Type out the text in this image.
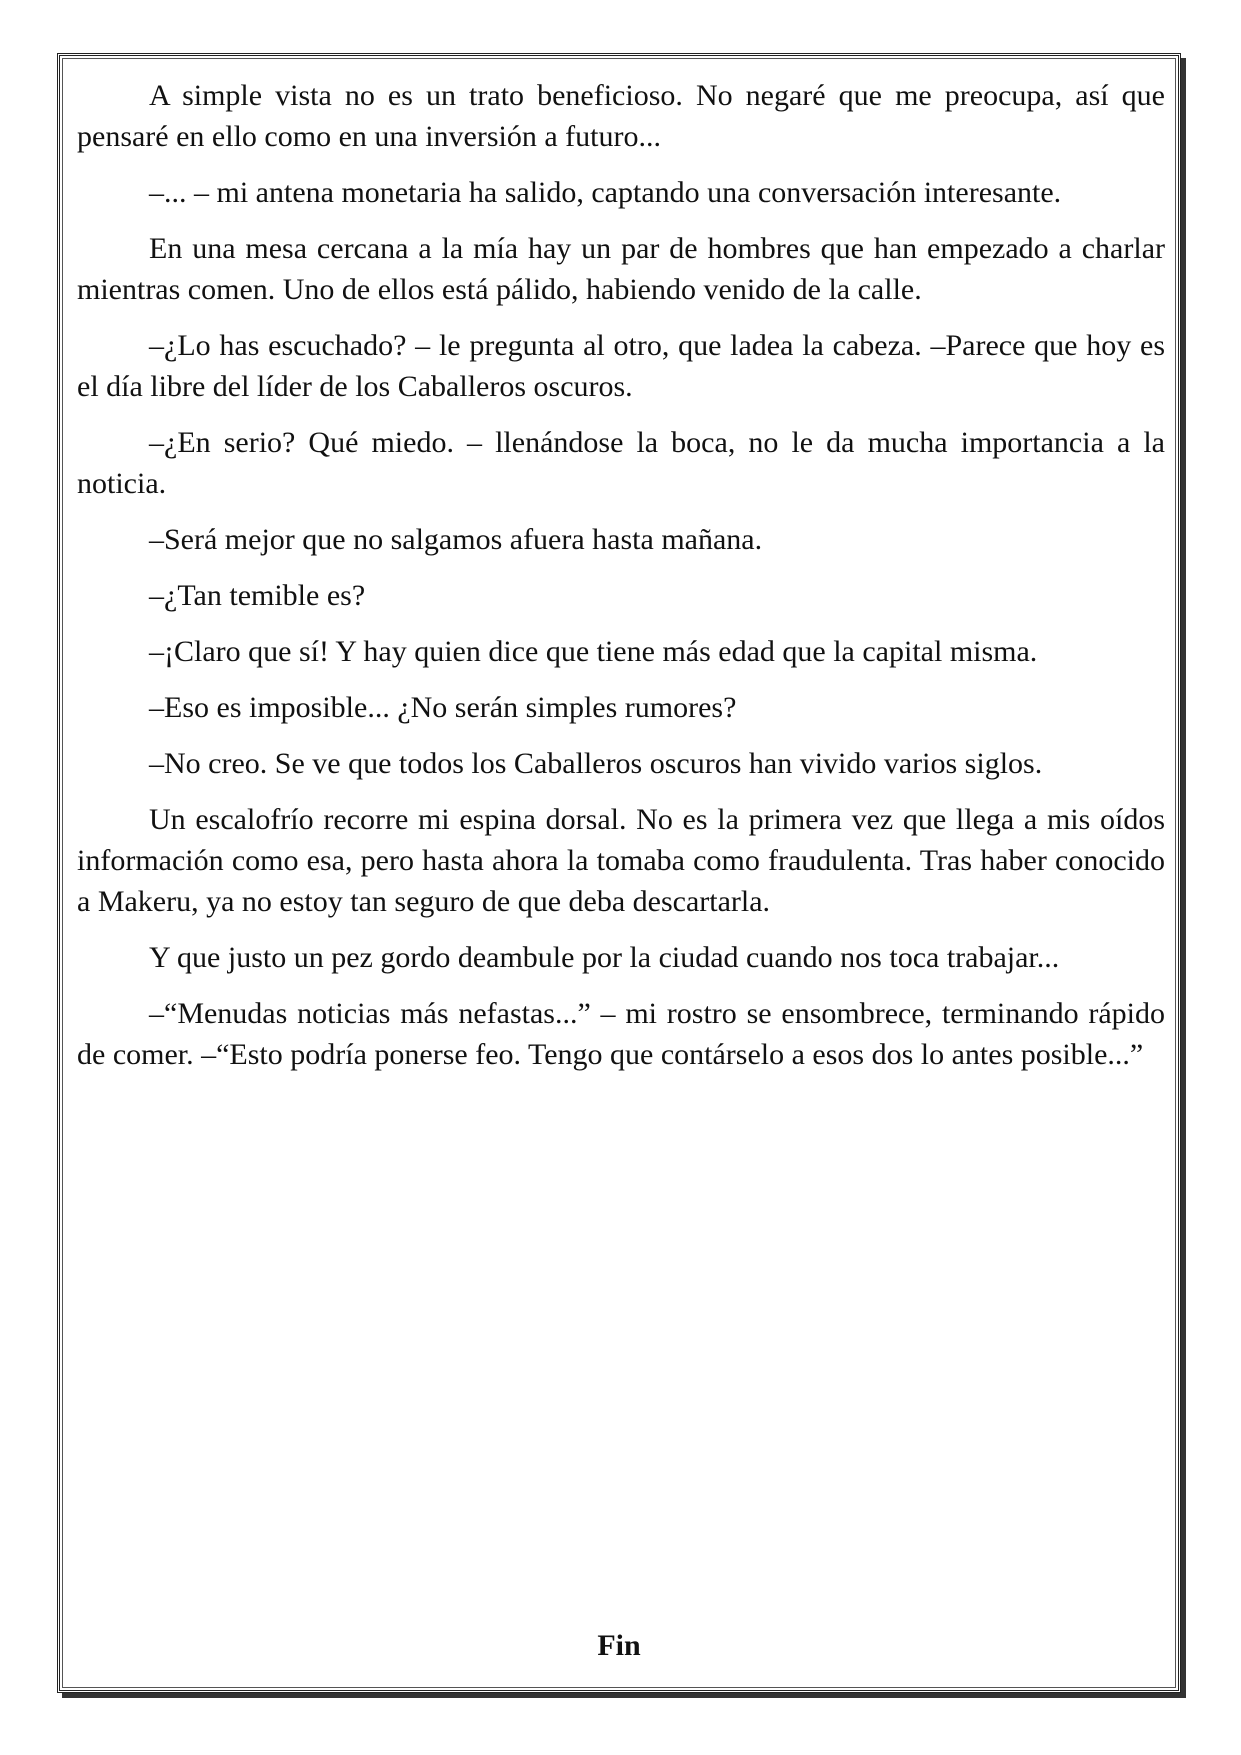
A simple vista no es un trato beneficioso. No negaré que me preocupa, así que pensaré en ello como en una inversión a futuro...

–... – mi antena monetaria ha salido, captando una conversación interesante.

En una mesa cercana a la mía hay un par de hombres que han empezado a charlar mientras comen. Uno de ellos está pálido, habiendo venido de la calle.

–¿Lo has escuchado? – le pregunta al otro, que ladea la cabeza. –Parece que hoy es el día libre del líder de los Caballeros oscuros.

–¿En serio? Qué miedo. – llenándose la boca, no le da mucha importancia a la noticia.

–Será mejor que no salgamos afuera hasta mañana.

–¿Tan temible es?

–¡Claro que sí! Y hay quien dice que tiene más edad que la capital misma.

–Eso es imposible... ¿No serán simples rumores?

–No creo. Se ve que todos los Caballeros oscuros han vivido varios siglos.

Un escalofrío recorre mi espina dorsal. No es la primera vez que llega a mis oídos información como esa, pero hasta ahora la tomaba como fraudulenta. Tras haber conocido a Makeru, ya no estoy tan seguro de que deba descartarla.

Y que justo un pez gordo deambule por la ciudad cuando nos toca trabajar...

–“Menudas noticias más nefastas...” – mi rostro se ensombrece, terminando rápido de comer. –“Esto podría ponerse feo. Tengo que contárselo a esos dos lo antes posible...”

Fin
